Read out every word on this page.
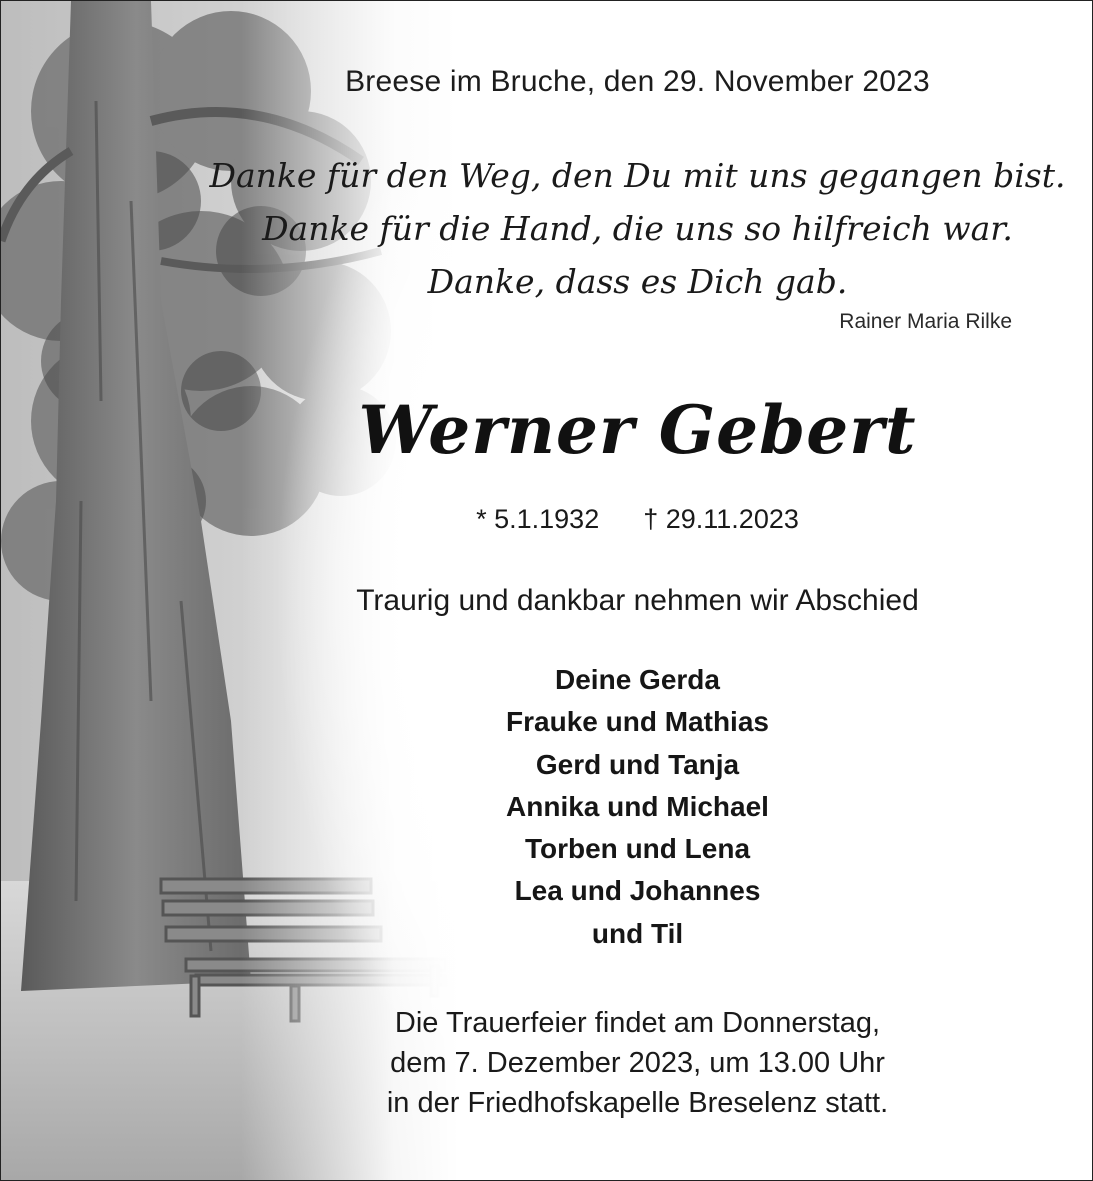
Breese im Bruche, den 29. November 2023
Danke für den Weg, den Du mit uns gegangen bist.
Danke für die Hand, die uns so hilfreich war.
Danke, dass es Dich gab.
Rainer Maria Rilke
Werner Gebert
* 5.1.1932 † 29.11.2023
Traurig und dankbar nehmen wir Abschied
Deine Gerda
Frauke und Mathias
Gerd und Tanja
Annika und Michael
Torben und Lena
Lea und Johannes
und Til
Die Trauerfeier findet am Donnerstag,
dem 7. Dezember 2023, um 13.00 Uhr
in der Friedhofskapelle Breselenz statt.
